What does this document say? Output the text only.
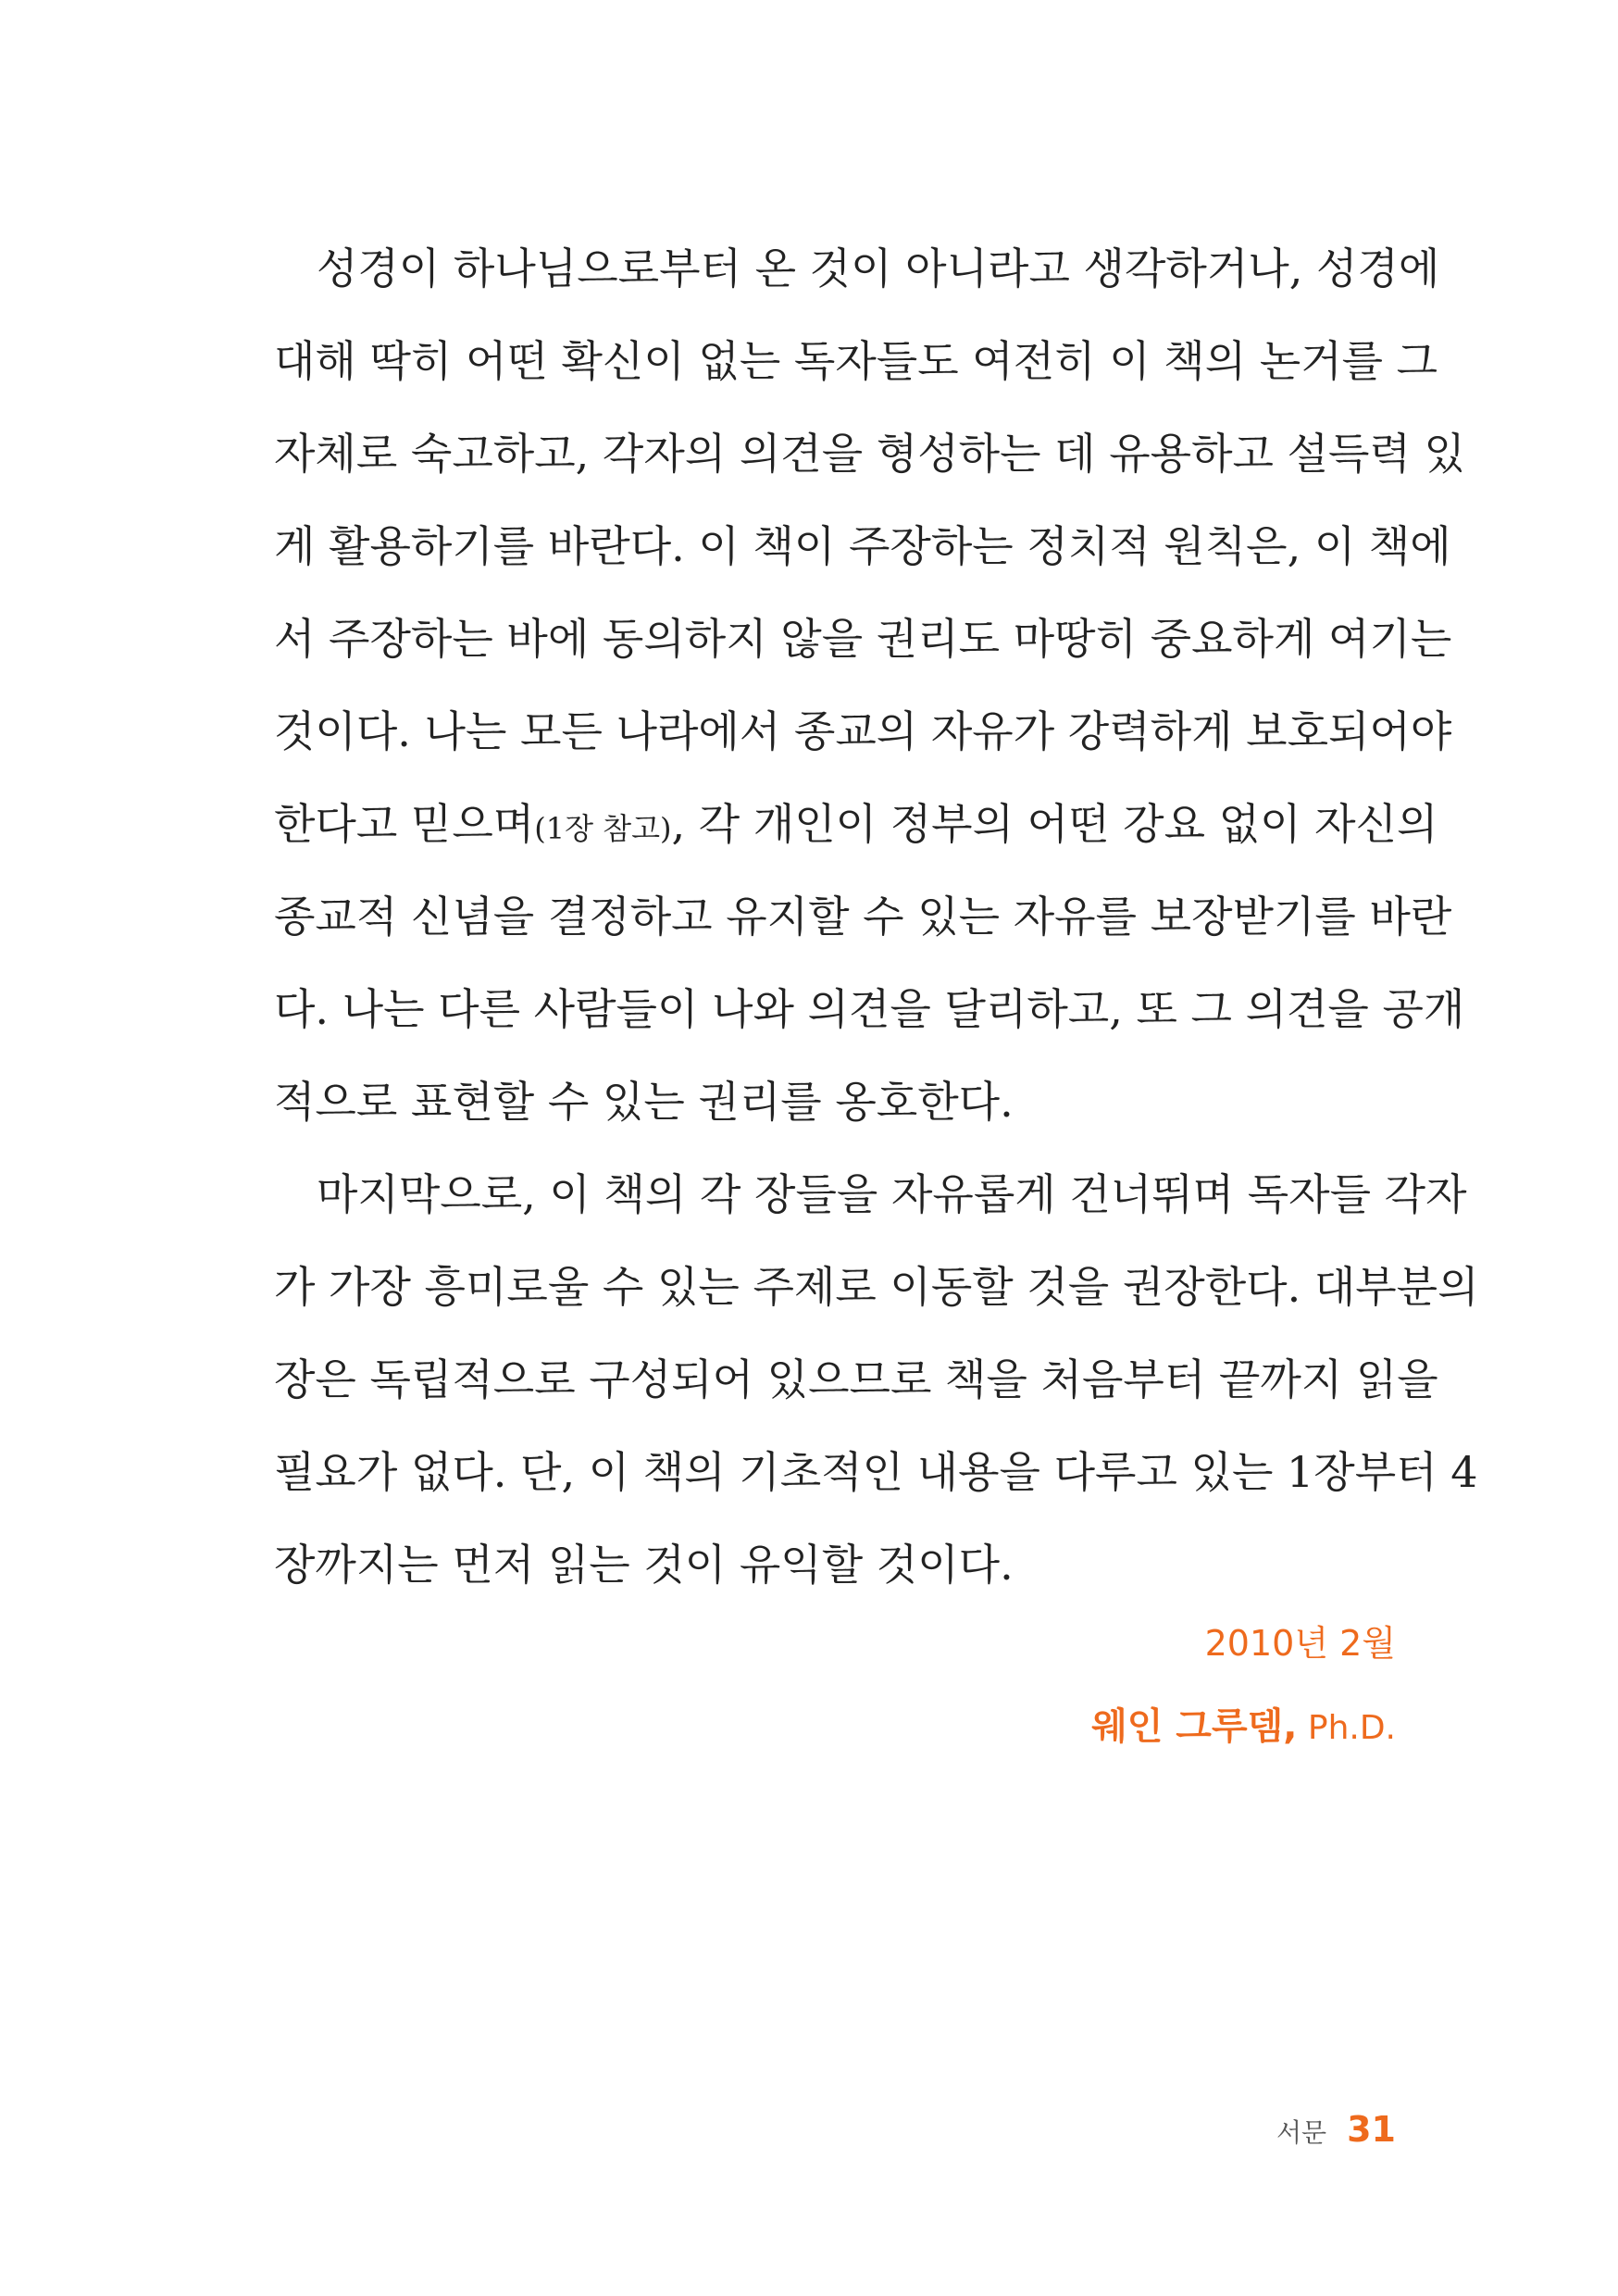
　성경이 하나님으로부터 온 것이 아니라고 생각하거나, 성경에
대해 딱히 어떤 확신이 없는 독자들도 여전히 이 책의 논거를 그
자체로 숙고하고, 각자의 의견을 형성하는 데 유용하고 설득력 있
게 활용하기를 바란다. 이 책이 주장하는 정치적 원칙은, 이 책에
서 주장하는 바에 동의하지 않을 권리도 마땅히 중요하게 여기는
것이다. 나는 모든 나라에서 종교의 자유가 강력하게 보호되어야
한다고 믿으며(1장 참고), 각 개인이 정부의 어떤 강요 없이 자신의
종교적 신념을 결정하고 유지할 수 있는 자유를 보장받기를 바란
다. 나는 다른 사람들이 나와 의견을 달리하고, 또 그 의견을 공개
적으로 표현할 수 있는 권리를 옹호한다.
　마지막으로, 이 책의 각 장들을 자유롭게 건너뛰며 독자들 각자
가 가장 흥미로울 수 있는 주제로 이동할 것을 권장한다. 대부분의
장은 독립적으로 구성되어 있으므로 책을 처음부터 끝까지 읽을
필요가 없다. 단, 이 책의 기초적인 내용을 다루고 있는 1장부터 4
장까지는 먼저 읽는 것이 유익할 것이다.
2010년 2월
웨인 그루뎀, Ph.D.
서문 31
